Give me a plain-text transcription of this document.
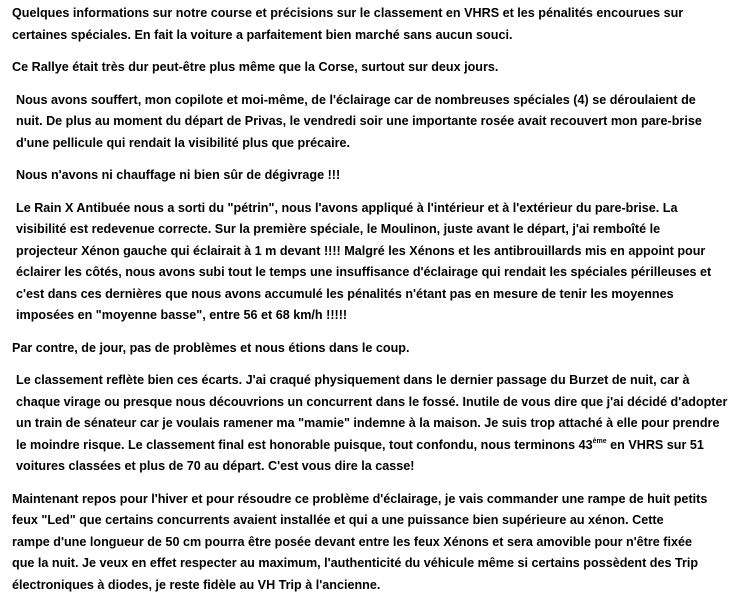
Quelques informations sur notre course et précisions sur le classement en VHRS et les pénalités encourues sur
certaines spéciales. En fait la voiture a parfaitement bien marché sans aucun souci.

Ce Rallye était très dur peut-être plus même que la Corse, surtout sur deux jours.

Nous avons souffert, mon copilote et moi-même, de l'éclairage car de nombreuses spéciales (4) se déroulaient de
nuit. De plus au moment du départ de Privas, le vendredi soir une importante rosée avait recouvert mon pare-brise
d'une pellicule qui rendait la visibilité plus que précaire.

Nous n'avons ni chauffage ni bien sûr de dégivrage !!!

Le Rain X Antibuée nous a sorti du "pétrin", nous l'avons appliqué à l'intérieur et à l'extérieur du pare-brise. La
visibilité est redevenue correcte. Sur la première spéciale, le Moulinon, juste avant le départ, j'ai remboîté le
projecteur Xénon gauche qui éclairait à 1 m devant !!!! Malgré les Xénons et les antibrouillards mis en appoint pour
éclairer les côtés, nous avons subi tout le temps une insuffisance d'éclairage qui rendait les spéciales périlleuses et
c'est dans ces dernières que nous avons accumulé les pénalités n'étant pas en mesure de tenir les moyennes
imposées en "moyenne basse", entre 56 et 68 km/h !!!!!

Par contre, de jour, pas de problèmes et nous étions dans le coup.

Le classement reflète bien ces écarts. J'ai craqué physiquement dans le dernier passage du Burzet de nuit, car à
chaque virage ou presque nous découvrions un concurrent dans le fossé. Inutile de vous dire que j'ai décidé d'adopter
un train de sénateur car je voulais ramener ma "mamie" indemne à la maison. Je suis trop attaché à elle pour prendre
le moindre risque. Le classement final est honorable puisque, tout confondu, nous terminons 43ème en VHRS sur 51
voitures classées et plus de 70 au départ. C'est vous dire la casse!

Maintenant repos pour l'hiver et pour résoudre ce problème d'éclairage, je vais commander une rampe de huit petits
feux "Led" que certains concurrents avaient installée et qui a une puissance bien supérieure au xénon. Cette
rampe d'une longueur de 50 cm pourra être posée devant entre les feux Xénons et sera amovible pour n'être fixée
que la nuit. Je veux en effet respecter au maximum, l'authenticité du véhicule même si certains possèdent des Trip
électroniques à diodes, je reste fidèle au VH Trip à l'ancienne.
